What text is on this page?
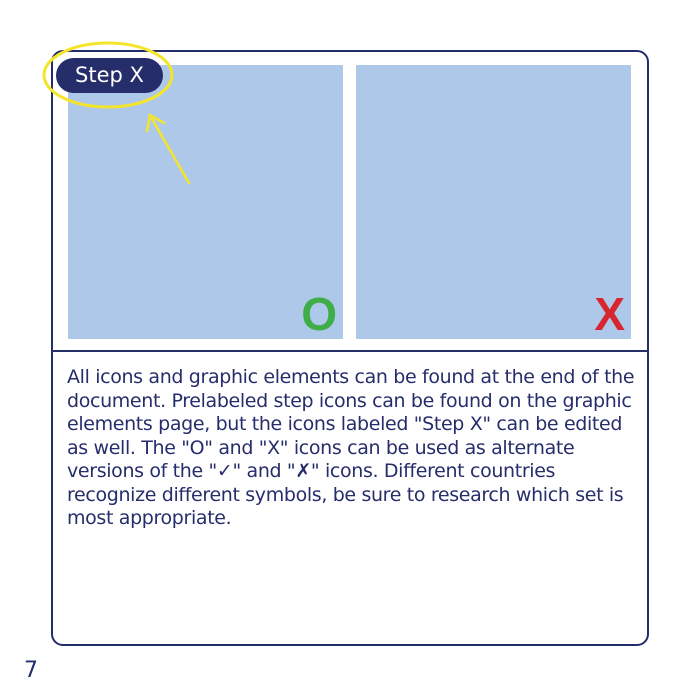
O	X

All icons and graphic elements can be found at the end of the document. Prelabeled step icons can be found on the graphic elements page, but the icons labeled "Step X" can be edited as well. The "O" and "X" icons can be used as alternate versions of the "✓" and "✗" icons. Different countries recognize different symbols, be sure to research which set is most appropriate.

Step X
7
